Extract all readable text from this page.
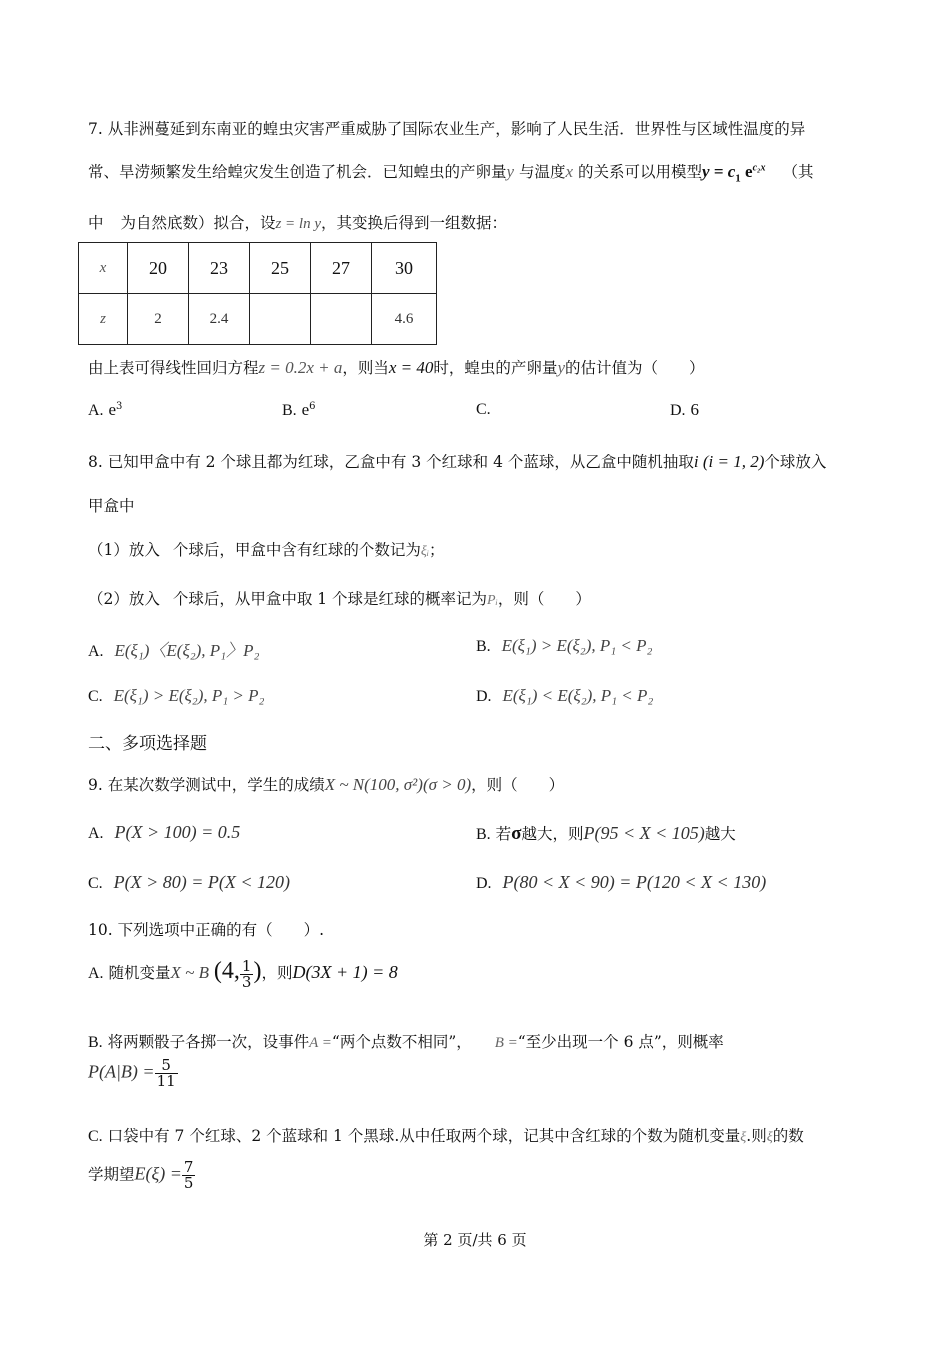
7. 从非洲蔓延到东南亚的蝗虫灾害严重威胁了国际农业生产，影响了人民生活．世界性与区域性温度的异
常、旱涝频繁发生给蝗灾发生创造了机会．已知蝗虫的产卵量y 与温度x 的关系可以用模型$y = c_1$ $e^{c_2x}$ （其
中 为自然底数）拟合，设z = ln y，其变换后得到一组数据：
x	20	23	25	27	30
z	2	2.4			4.6
由上表可得线性回归方程z = 0.2x + a，则当x = 40时，蝗虫的产卵量y的估计值为（　　）
A. $e^3$	B. $e^6$	C.	D. 6
8. 已知甲盒中有 2 个球且都为红球，乙盒中有 3 个红球和 4 个蓝球，从乙盒中随机抽取i (i = 1, 2)个球放入
甲盒中
（1）放入 个球后，甲盒中含有红球的个数记为ξᵢ；
（2）放入 个球后，从甲盒中取 1 个球是红球的概率记为Pᵢ，则（　　）
A. E(ξ₁)〈E(ξ₂), P₁〉P₂	B. E(ξ₁) > E(ξ₂), P₁ < P₂
C. E(ξ₁) > E(ξ₂), P₁ > P₂	D. E(ξ₁) < E(ξ₂), P₁ < P₂
二、多项选择题
9. 在某次数学测试中，学生的成绩X ~ N(100, σ²)(σ > 0)，则（　　）
A. P(X > 100) = 0.5	B. 若σ越大，则P(95 < X < 105)越大
C. P(X > 80) = P(X < 120)	D. P(80 < X < 90) = P(120 < X < 130)
10. 下列选项中正确的有（　　）.
A. 随机变量X ~ B (4, $\frac{1}{3}$ )，则D(3X + 1) = 8
B. 将两颗骰子各掷一次，设事件A =“两个点数不相同”， B =“至少出现一个 6 点”，则概率
$P(A|B) = \frac{5}{11}$
C. 口袋中有 7 个红球、2 个蓝球和 1 个黑球.从中任取两个球，记其中含红球的个数为随机变量ξ.则ξ的数
学期望$E(\xi) = \frac{7}{5}$
第 2 页/共 6 页
